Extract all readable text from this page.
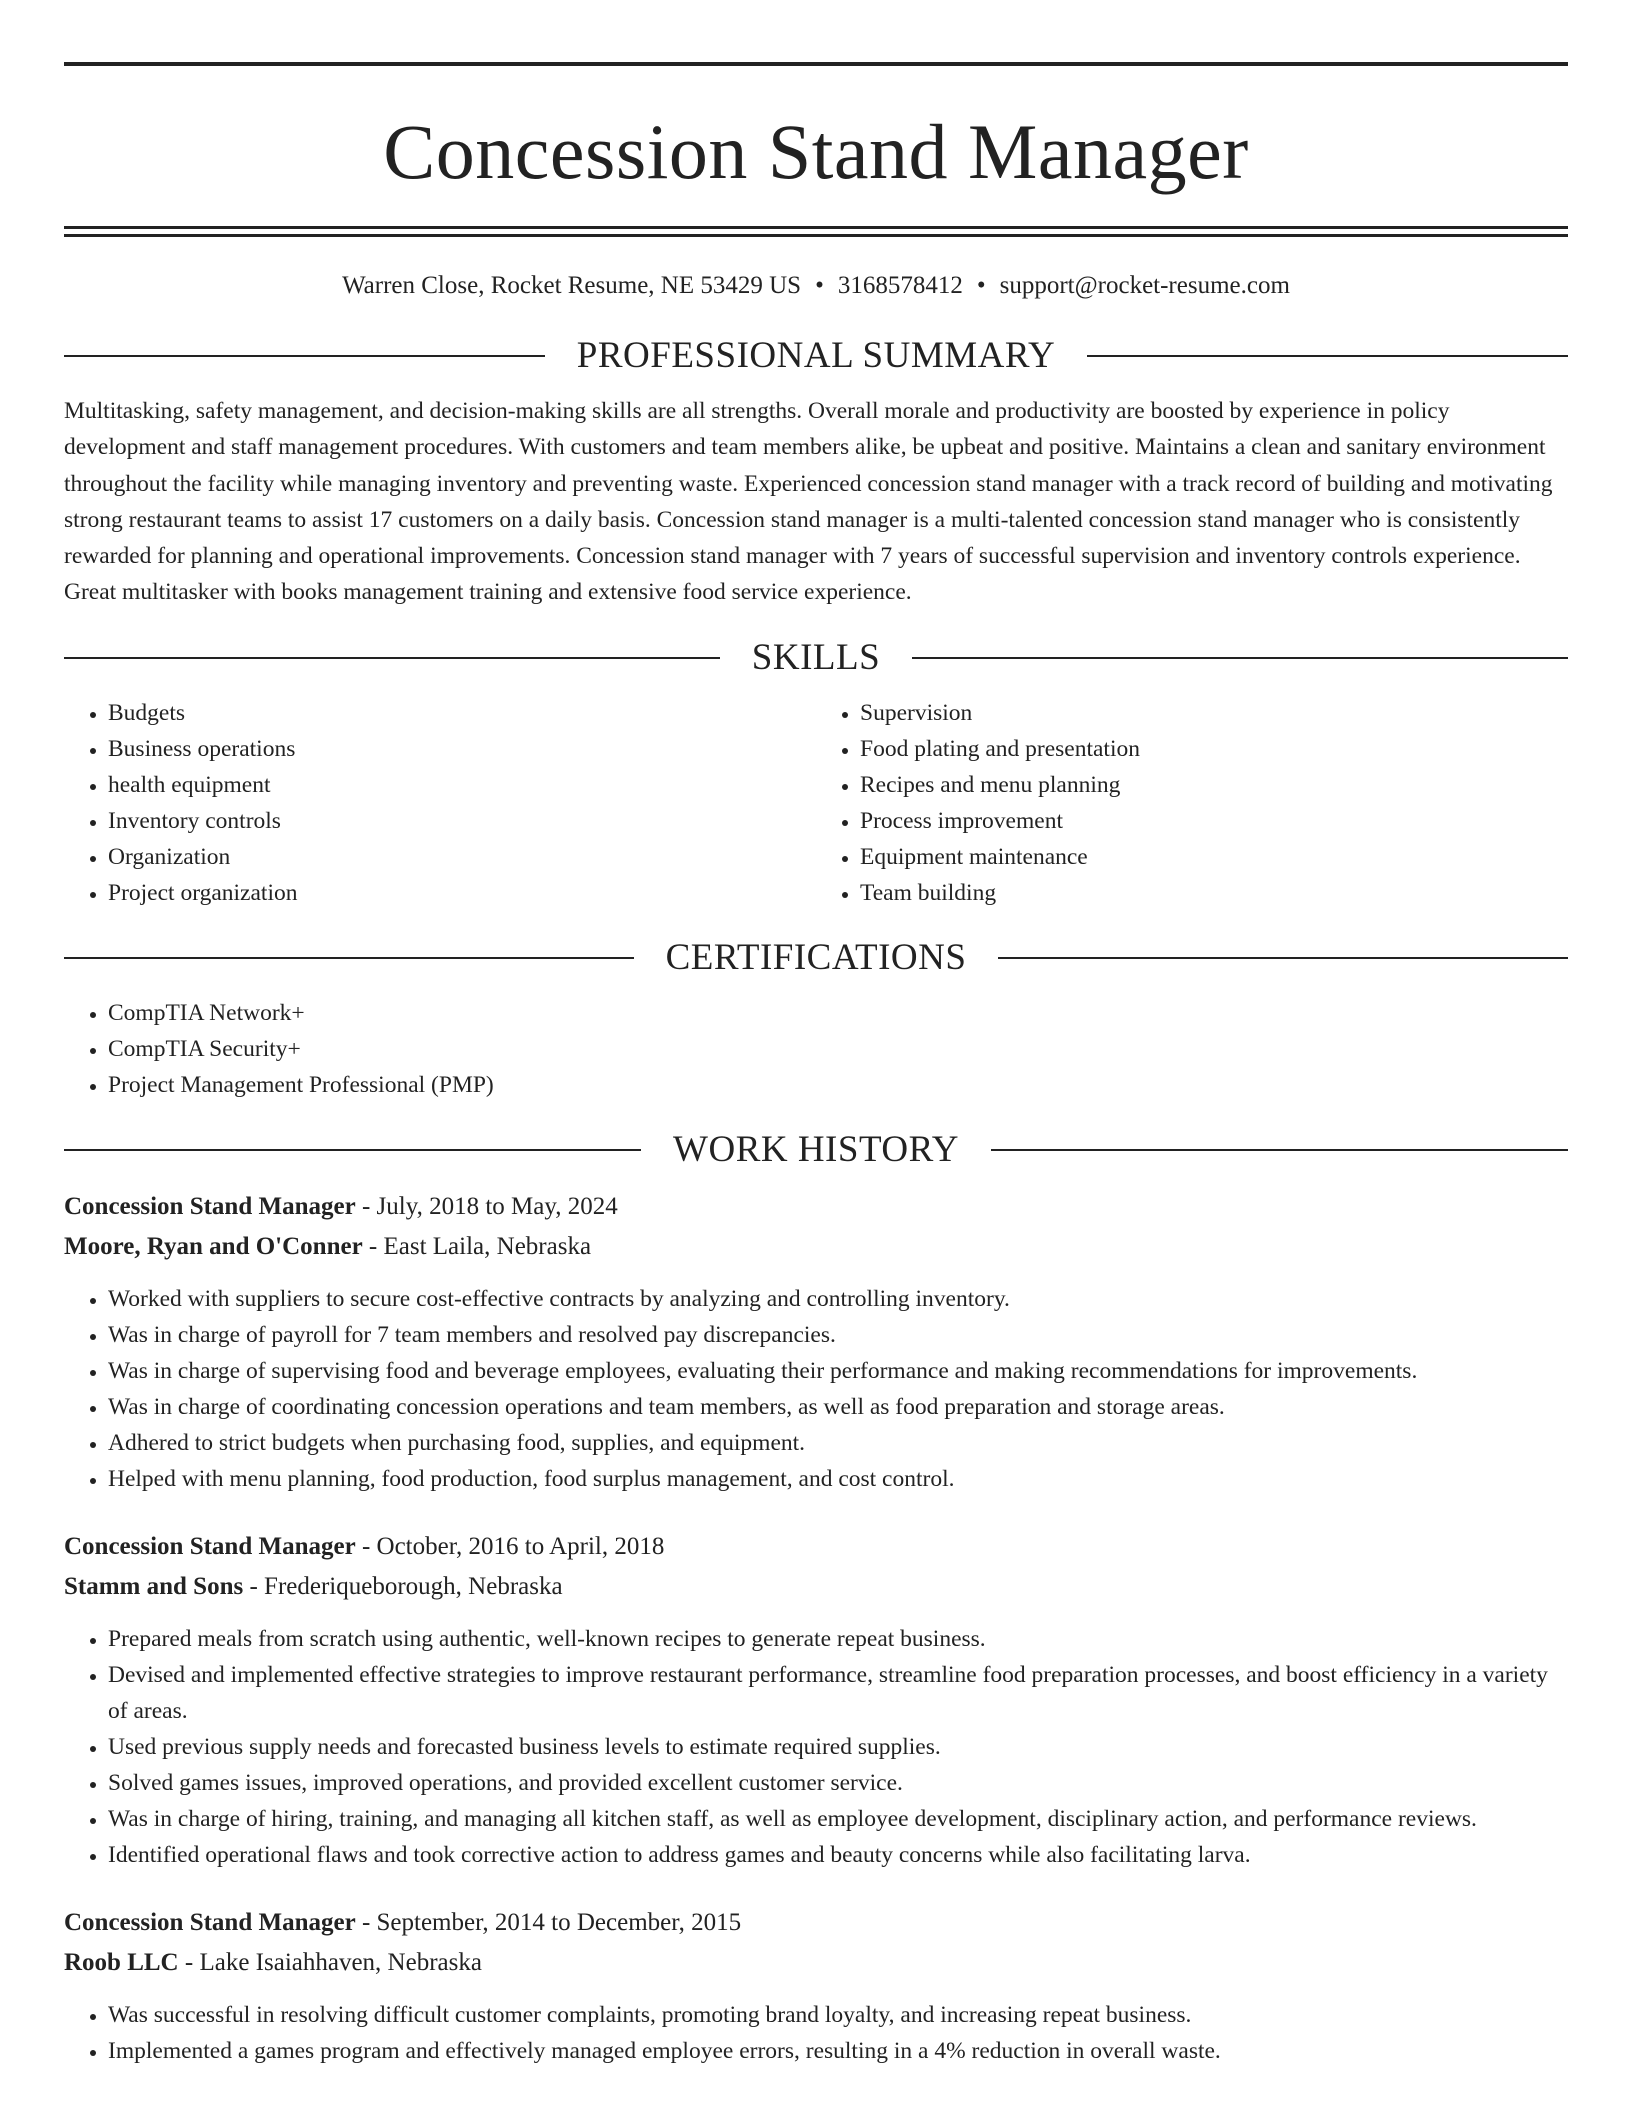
Concession Stand Manager
Warren Close, Rocket Resume, NE 53429 US • 3168578412 • support@rocket-resume.com
PROFESSIONAL SUMMARY

Multitasking, safety management, and decision-making skills are all strengths. Overall morale and productivity are boosted by experience in policy development and staff management procedures. With customers and team members alike, be upbeat and positive. Maintains a clean and sanitary environment throughout the facility while managing inventory and preventing waste. Experienced concession stand manager with a track record of building and motivating strong restaurant teams to assist 17 customers on a daily basis. Concession stand manager is a multi-talented concession stand manager who is consistently rewarded for planning and operational improvements. Concession stand manager with 7 years of successful supervision and inventory controls experience. Great multitasker with books management training and extensive food service experience.

SKILLS
• Budgets
• Business operations
• health equipment
• Inventory controls
• Organization
• Project organization
• Supervision
• Food plating and presentation
• Recipes and menu planning
• Process improvement
• Equipment maintenance
• Team building
CERTIFICATIONS
• CompTIA Network+
• CompTIA Security+
• Project Management Professional (PMP)
WORK HISTORY
Concession Stand Manager - July, 2018 to May, 2024
Moore, Ryan and O'Conner - East Laila, Nebraska
• Worked with suppliers to secure cost-effective contracts by analyzing and controlling inventory.
• Was in charge of payroll for 7 team members and resolved pay discrepancies.
• Was in charge of supervising food and beverage employees, evaluating their performance and making recommendations for improvements.
• Was in charge of coordinating concession operations and team members, as well as food preparation and storage areas.
• Adhered to strict budgets when purchasing food, supplies, and equipment.
• Helped with menu planning, food production, food surplus management, and cost control.
Concession Stand Manager - October, 2016 to April, 2018
Stamm and Sons - Frederiqueborough, Nebraska
• Prepared meals from scratch using authentic, well-known recipes to generate repeat business.
• Devised and implemented effective strategies to improve restaurant performance, streamline food preparation processes, and boost efficiency in a variety of areas.
• Used previous supply needs and forecasted business levels to estimate required supplies.
• Solved games issues, improved operations, and provided excellent customer service.
• Was in charge of hiring, training, and managing all kitchen staff, as well as employee development, disciplinary action, and performance reviews.
• Identified operational flaws and took corrective action to address games and beauty concerns while also facilitating larva.
Concession Stand Manager - September, 2014 to December, 2015
Roob LLC - Lake Isaiahhaven, Nebraska
• Was successful in resolving difficult customer complaints, promoting brand loyalty, and increasing repeat business.
• Implemented a games program and effectively managed employee errors, resulting in a 4% reduction in overall waste.
